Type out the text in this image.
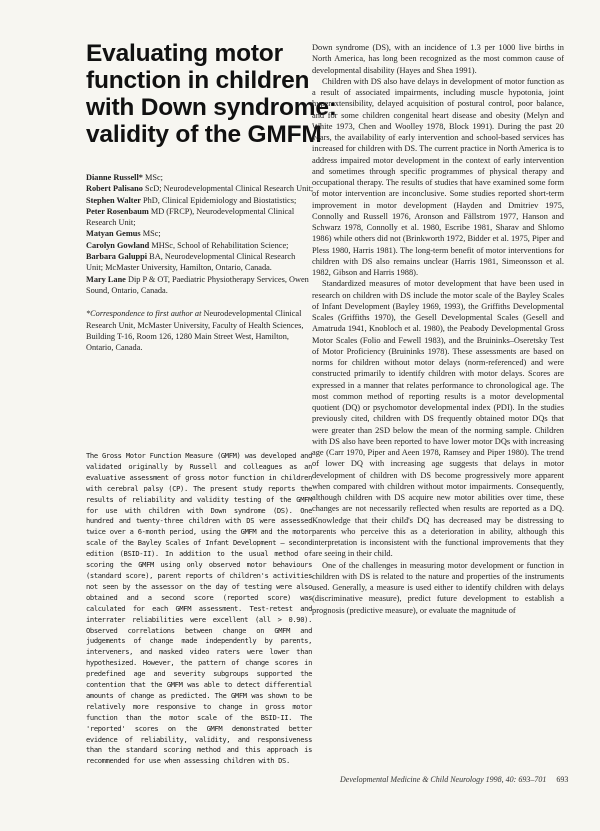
Evaluating motor
function in children
with Down syndrome:
validity of the GMFM
Dianne Russell* MSc;
Robert Palisano ScD; Neurodevelopmental Clinical Research Unit;
Stephen Walter PhD, Clinical Epidemiology and Biostatistics;
Peter Rosenbaum MD (FRCP), Neurodevelopmental Clinical Research Unit;
Matyan Gemus MSc;
Carolyn Gowland MHSc, School of Rehabilitation Science;
Barbara Galuppi BA, Neurodevelopmental Clinical Research Unit; McMaster University, Hamilton, Ontario, Canada.
Mary Lane Dip P & OT, Paediatric Physiotherapy Services, Owen Sound, Ontario, Canada.
*Correspondence to first author at Neurodevelopmental Clinical Research Unit, McMaster University, Faculty of Health Sciences, Building T-16, Room 126, 1280 Main Street West, Hamilton, Ontario, Canada.
The Gross Motor Function Measure (GMFM) was developed and validated originally by Russell and colleagues as an evaluative assessment of gross motor function in children with cerebral palsy (CP). The present study reports the results of reliability and validity testing of the GMFM for use with children with Down syndrome (DS). One hundred and twenty-three children with DS were assessed twice over a 6-month period, using the GMFM and the motor scale of the Bayley Scales of Infant Development – second edition (BSID-II). In addition to the usual method of scoring the GMFM using only observed motor behaviours (standard score), parent reports of children's activities not seen by the assessor on the day of testing were also obtained and a second score (reported score) was calculated for each GMFM assessment. Test-retest and interrater reliabilities were excellent (all > 0.90). Observed correlations between change on GMFM and judgements of change made independently by parents, interveners, and masked video raters were lower than hypothesized. However, the pattern of change scores in predefined age and severity subgroups supported the contention that the GMFM was able to detect differential amounts of change as predicted. The GMFM was shown to be relatively more responsive to change in gross motor function than the motor scale of the BSID-II. The 'reported' scores on the GMFM demonstrated better evidence of reliability, validity, and responsiveness than the standard scoring method and this approach is recommended for use when assessing children with DS.

Down syndrome (DS), with an incidence of 1.3 per 1000 live births in North America, has long been recognized as the most common cause of developmental disability (Hayes and Shea 1991).

Children with DS also have delays in development of motor function as a result of associated impairments, including muscle hypotonia, joint hyperextensibility, delayed acquisition of postural control, poor balance, and for some children congenital heart disease and obesity (Melyn and White 1973, Chen and Woolley 1978, Block 1991). During the past 20 years, the availability of early intervention and school-based services has increased for children with DS. The current practice in North America is to address impaired motor development in the context of early intervention and sometimes through specific programmes of physical therapy and occupational therapy. The results of studies that have examined some form of motor intervention are inconclusive. Some studies reported short-term improvement in motor development (Hayden and Dmitriev 1975, Connolly and Russell 1976, Aronson and Fällstrom 1977, Hanson and Schwarz 1978, Connolly et al. 1980, Escribe 1981, Sharav and Shlomo 1986) while others did not (Brinkworth 1972, Bidder et al. 1975, Piper and Pless 1980, Harris 1981). The long-term benefit of motor interventions for children with DS also remains unclear (Harris 1981, Simeonsson et al. 1982, Gibson and Harris 1988).

Standardized measures of motor development that have been used in research on children with DS include the motor scale of the Bayley Scales of Infant Development (Bayley 1969, 1993), the Griffiths Developmental Scales (Griffiths 1970), the Gesell Developmental Scales (Gesell and Amatruda 1941, Knobloch et al. 1980), the Peabody Developmental Gross Motor Scales (Folio and Fewell 1983), and the Bruininks–Oseretsky Test of Motor Proficiency (Bruininks 1978). These assessments are based on norms for children without motor delays (norm-referenced) and were constructed primarily to identify children with motor delays. Scores are expressed in a manner that relates performance to chronological age. The most common method of reporting results is a motor developmental quotient (DQ) or psychomotor developmental index (PDI). In the studies previously cited, children with DS frequently obtained motor DQs that were greater than 2SD below the mean of the norming sample. Children with DS also have been reported to have lower motor DQs with increasing age (Carr 1970, Piper and Aeen 1978, Ramsey and Piper 1980). The trend of lower DQ with increasing age suggests that delays in motor development of children with DS become progressively more apparent when compared with children without motor impairments. Consequently, although children with DS acquire new motor abilities over time, these changes are not necessarily reflected when results are reported as a DQ. Knowledge that their child's DQ has decreased may be distressing to parents who perceive this as a deterioration in ability, although this interpretation is inconsistent with the functional improvements that they are seeing in their child.

One of the challenges in measuring motor development or function in children with DS is related to the nature and properties of the instruments used. Generally, a measure is used either to identify children with delays (discriminative measure), predict future development to establish a prognosis (predictive measure), or evaluate the magnitude of

Developmental Medicine & Child Neurology 1998, 40: 693–701 693
